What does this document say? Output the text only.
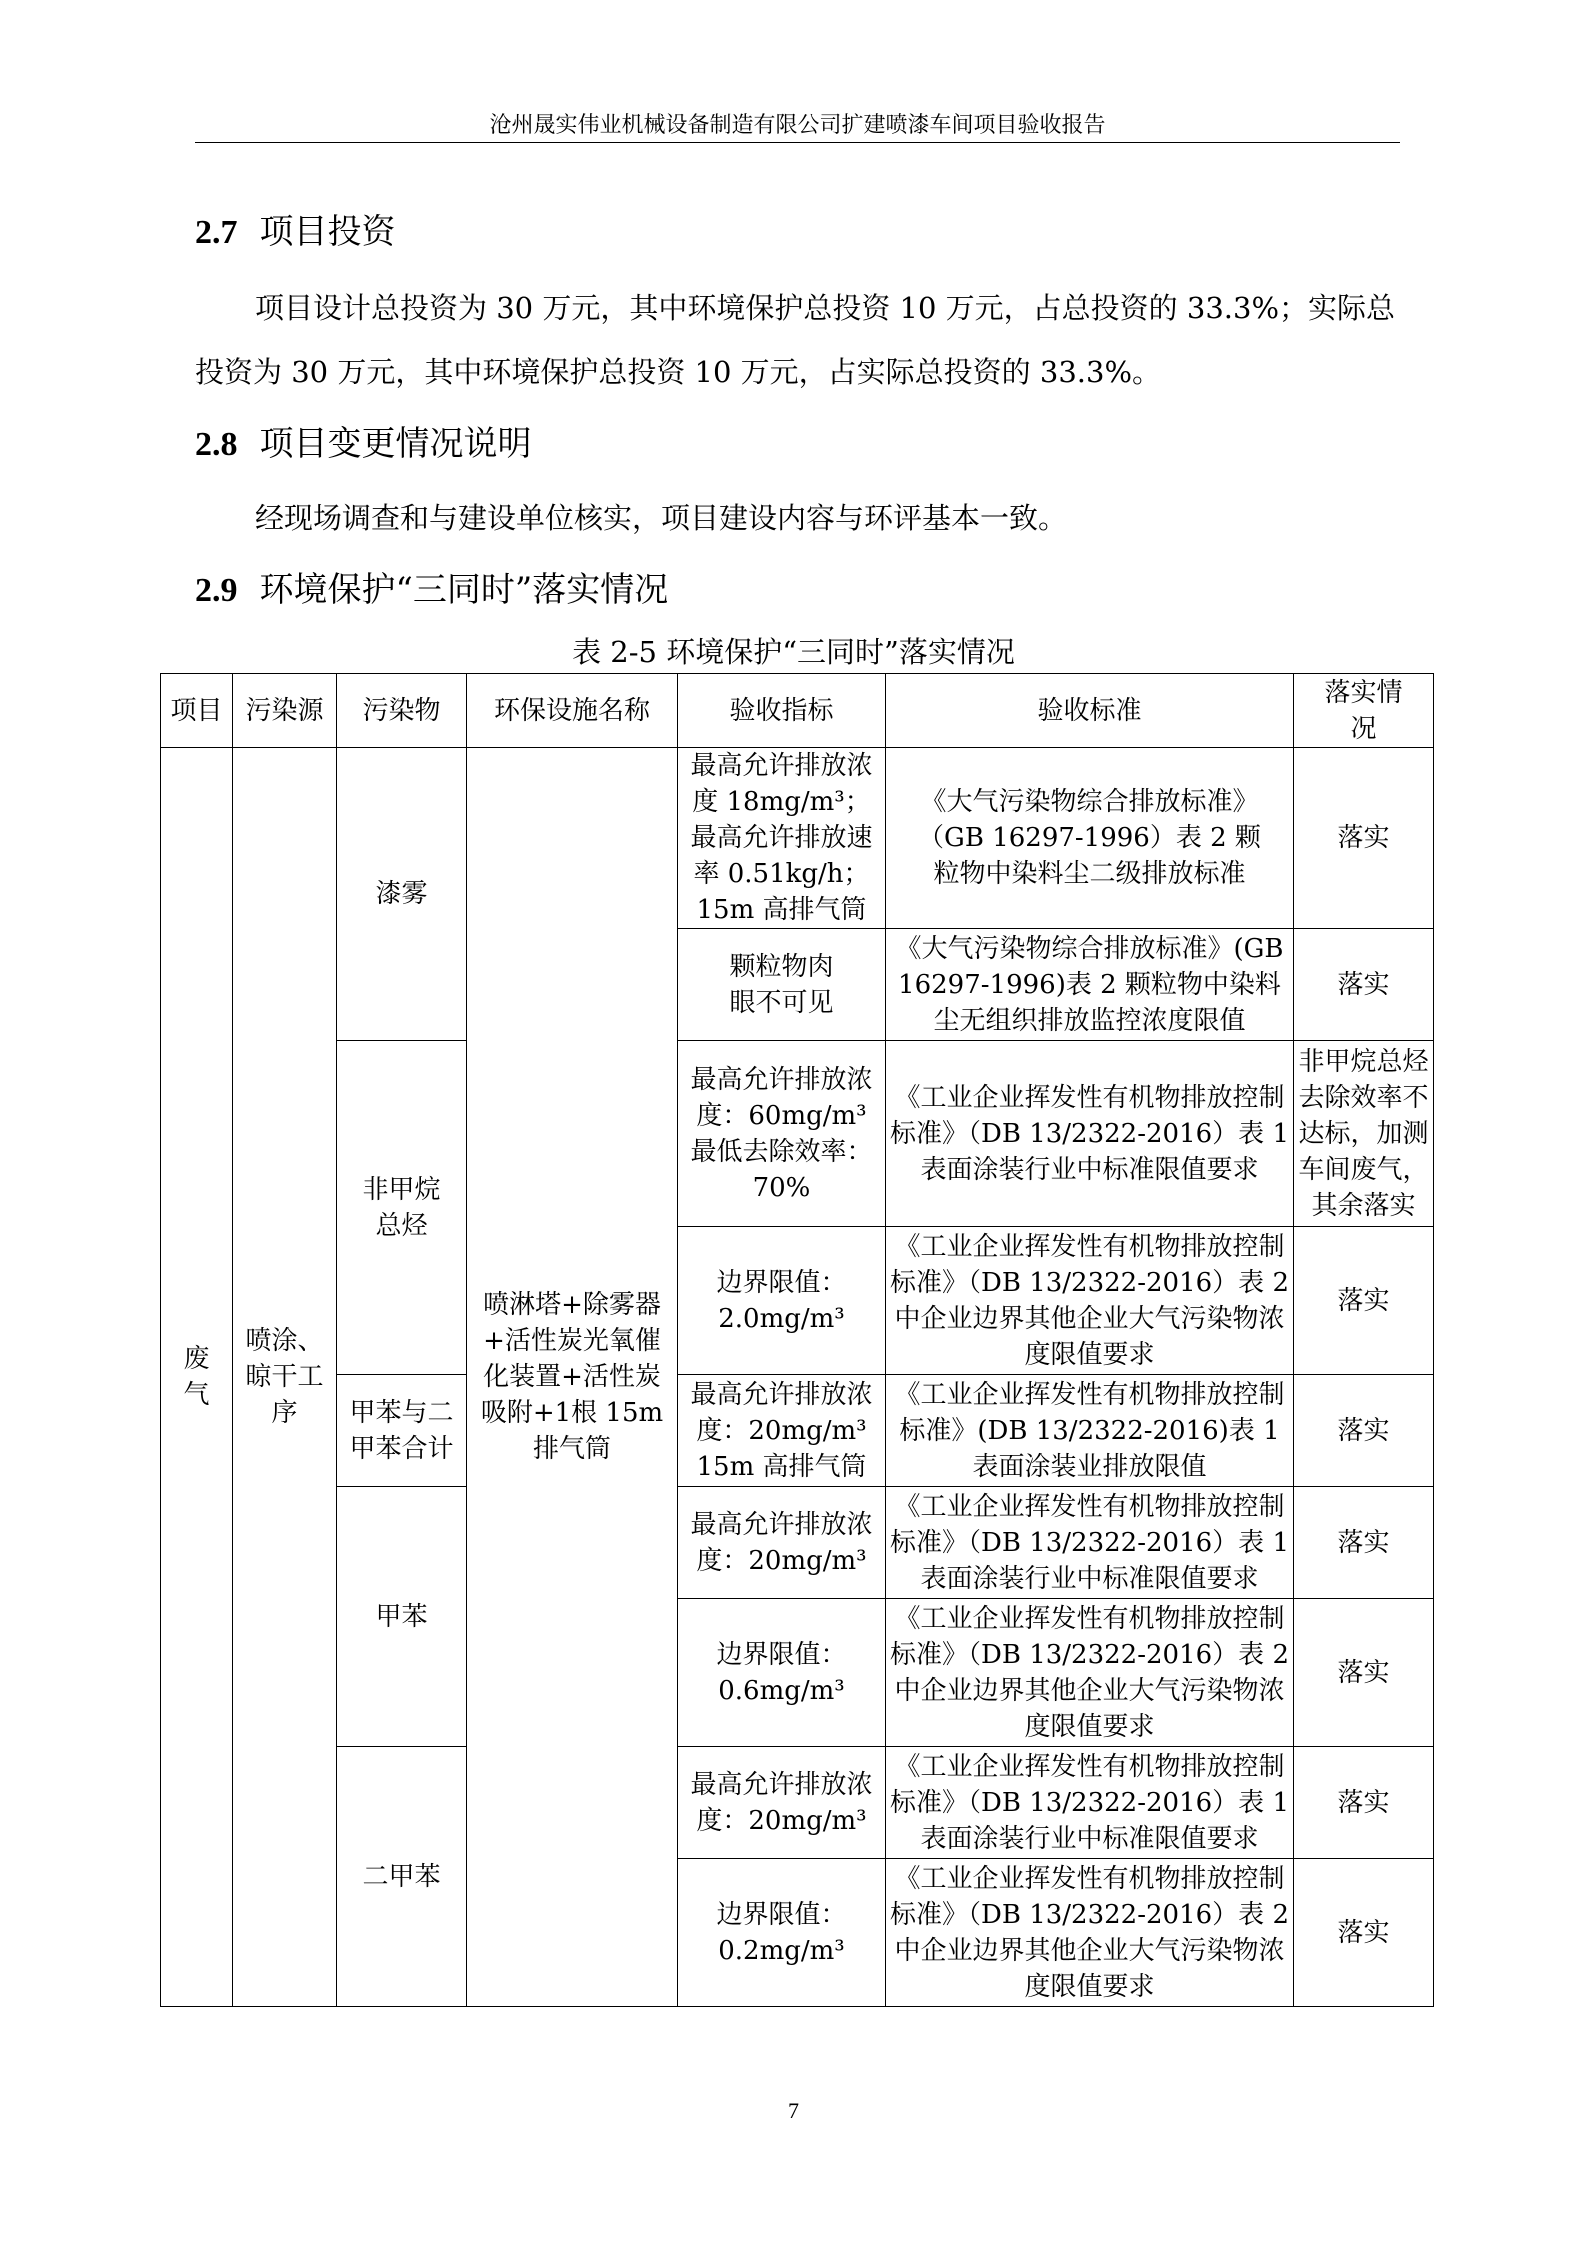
沧州晟实伟业机械设备制造有限公司扩建喷漆车间项目验收报告
2.7 项目投资

项目设计总投资为 30 万元，其中环境保护总投资 10 万元，占总投资的 33.3%；实际总投资为 30 万元，其中环境保护总投资 10 万元，占实际总投资的 33.3%。

2.8 项目变更情况说明

经现场调查和与建设单位核实，项目建设内容与环评基本一致。

2.9 环境保护“三同时”落实情况
表 2-5 环境保护“三同时”落实情况
项目	污染源	污染物	环保设施名称	验收指标	验收标准	落实情况
废气	喷涂、晾干工序	漆雾	喷淋塔+除雾器+活性炭光氧催化装置+活性炭吸附+1根 15m 排气筒	最高允许排放浓度 18mg/m³；最高允许排放速率 0.51kg/h；15m 高排气筒	《大气污染物综合排放标准》（GB 16297-1996）表 2 颗粒物中染料尘二级排放标准	落实
				颗粒物肉眼不可见	《大气污染物综合排放标准》(GB 16297-1996)表 2 颗粒物中染料尘无组织排放监控浓度限值	落实
		非甲烷总烃		最高允许排放浓度：60mg/m³ 最低去除效率：70%	《工业企业挥发性有机物排放控制标准》（DB 13/2322-2016）表 1 表面涂装行业中标准限值要求	非甲烷总烃去除效率不达标，加测车间废气，其余落实
				边界限值：2.0mg/m³	《工业企业挥发性有机物排放控制标准》（DB 13/2322-2016）表 2 中企业边界其他企业大气污染物浓度限值要求	落实
		甲苯与二甲苯合计		最高允许排放浓度：20mg/m³ 15m 高排气筒	《工业企业挥发性有机物排放控制标准》(DB 13/2322-2016)表 1 表面涂装业排放限值	落实
		甲苯		最高允许排放浓度：20mg/m³	《工业企业挥发性有机物排放控制标准》（DB 13/2322-2016）表 1 表面涂装行业中标准限值要求	落实
				边界限值：0.6mg/m³	《工业企业挥发性有机物排放控制标准》（DB 13/2322-2016）表 2 中企业边界其他企业大气污染物浓度限值要求	落实
		二甲苯		最高允许排放浓度：20mg/m³	《工业企业挥发性有机物排放控制标准》（DB 13/2322-2016）表 1 表面涂装行业中标准限值要求	落实
				边界限值：0.2mg/m³	《工业企业挥发性有机物排放控制标准》（DB 13/2322-2016）表 2 中企业边界其他企业大气污染物浓度限值要求	落实
7
